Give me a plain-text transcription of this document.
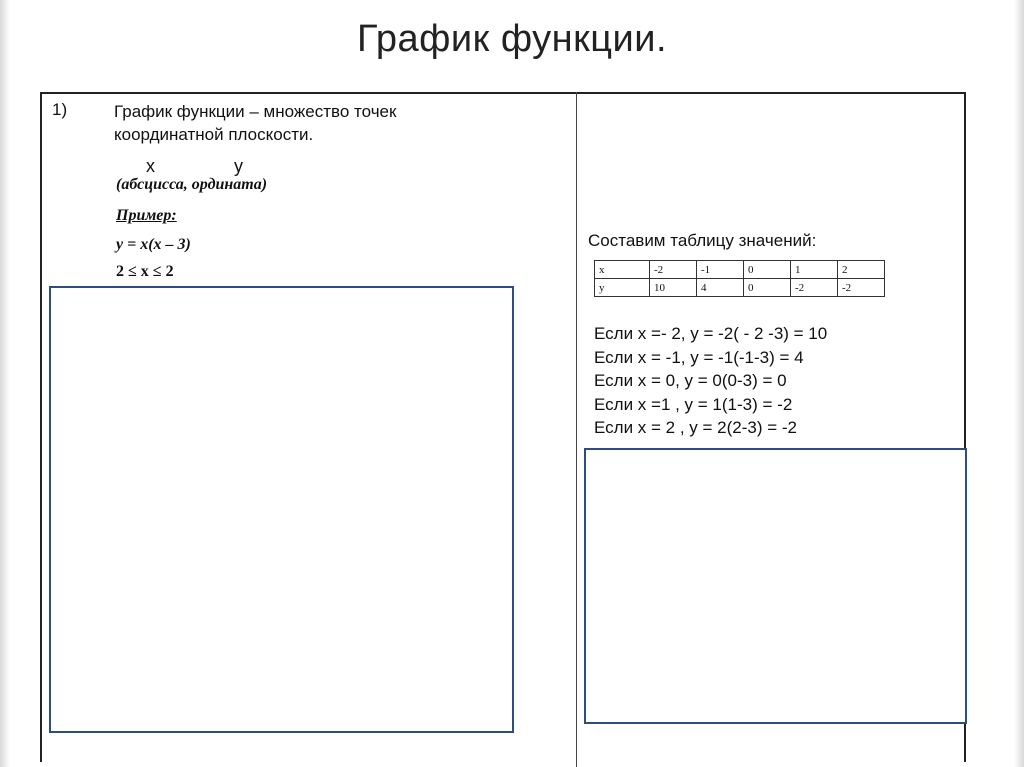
График функции.
1)	График функции – множество точек
координатной плоскости.
x	y
(абсцисса, ордината)
Пример:
y = x(x – 3)
2 ≤ x ≤ 2
Составим таблицу значений:
x	-2	-1	0	1	2
y	10	4	0	-2	-2
Если х =- 2, у = -2( - 2 -3) = 10
Если х = -1, у = -1(-1-3) = 4
Если х = 0, у = 0(0-3) = 0
Если х =1 , у = 1(1-3) = -2
Если х = 2 , у = 2(2-3) = -2
